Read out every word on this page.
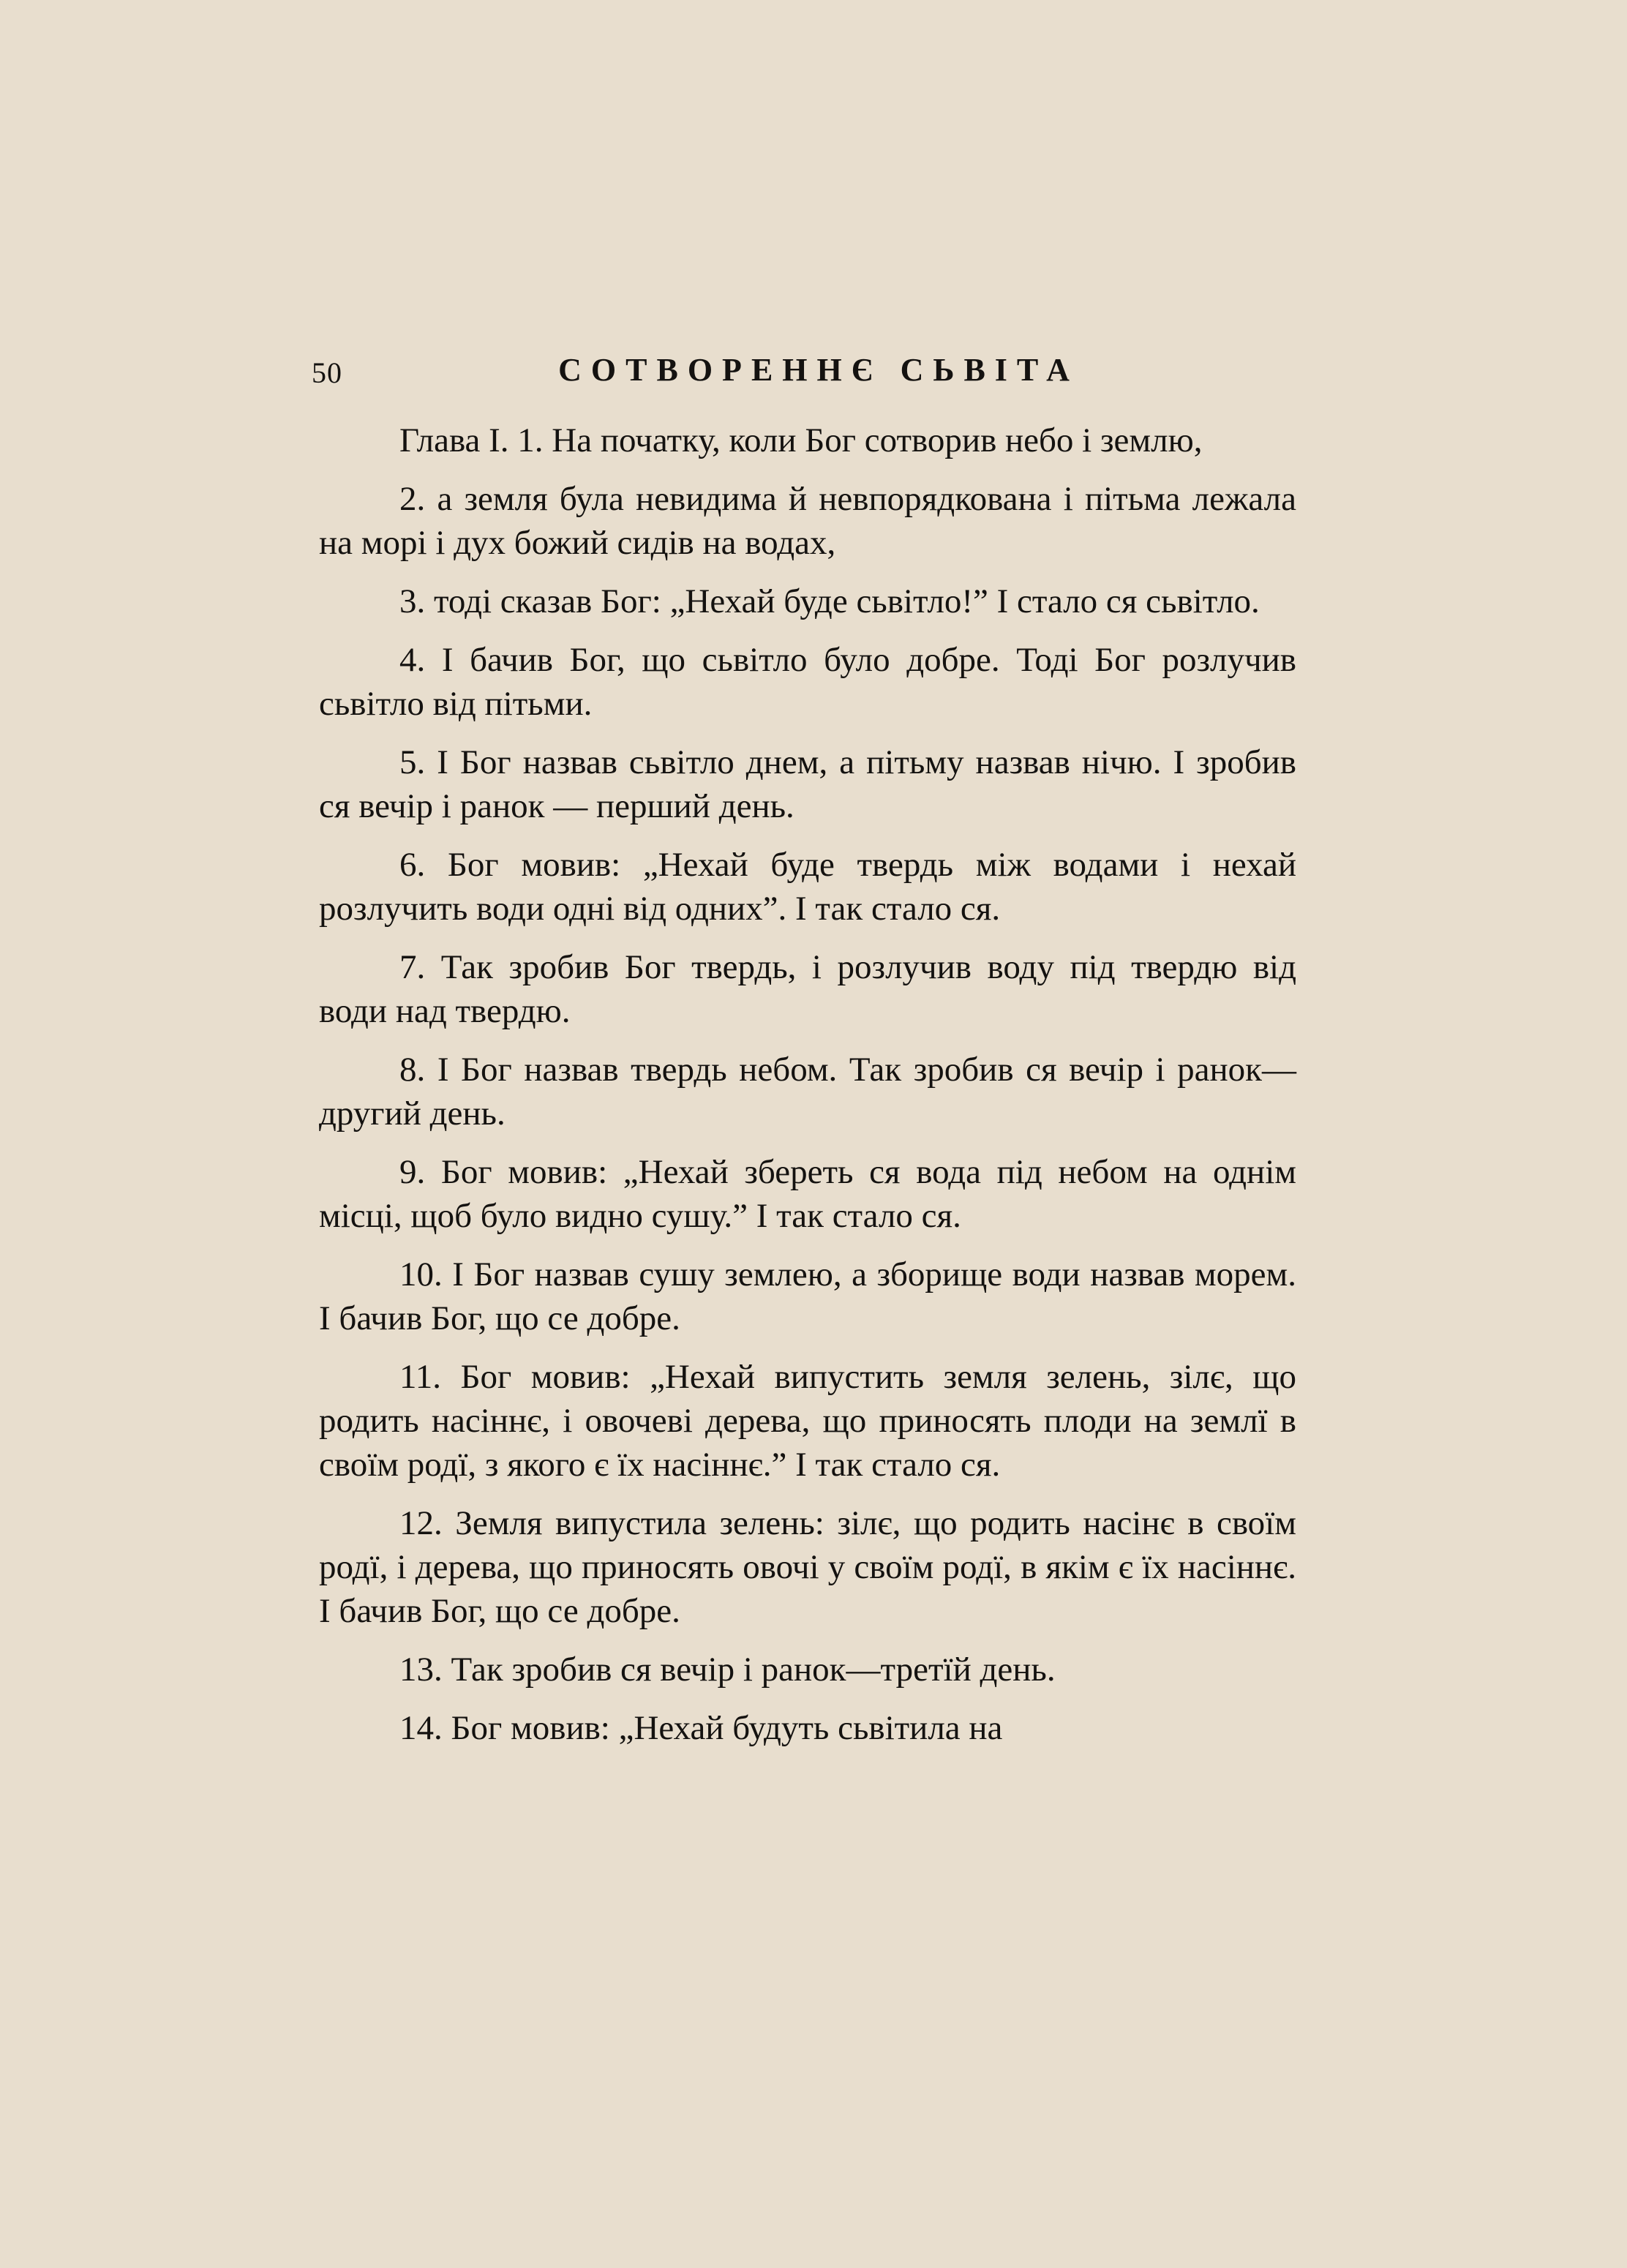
50	СОТВОРЕННЄ СЬВІТА

Глава І. 1. На початку, коли Бог сотворив небо і землю,

2. а земля була невидима й невпорядкована і пітьма лежала на морі і дух божий сидів на водах,

3. тоді сказав Бог: „Нехай буде сьвітло!” І стало ся сьвітло.

4. І бачив Бог, що сьвітло було добре. Тоді Бог розлучив сьвітло від пітьми.

5. І Бог назвав сьвітло днем, а пітьму назвав нічю. І зробив ся вечір і ранок — перший день.

6. Бог мовив: „Нехай буде твердь між водами і нехай розлучить води одні від одних”. І так стало ся.

7. Так зробив Бог твердь, і розлучив воду під твердю від води над твердю.

8. І Бог назвав твердь небом. Так зробив ся вечір і ранок— другий день.

9. Бог мовив: „Нехай збереть ся вода під небом на однім місці, щоб було видно сушу.” І так стало ся.

10. І Бог назвав сушу землею, а зборище води назвав морем. І бачив Бог, що се добре.

11. Бог мовив: „Нехай випустить земля зелень, зілє, що родить насіннє, і овочеві дерева, що приносять плоди на землї в своїм родї, з якого є їх насіннє.” І так стало ся.

12. Земля випустила зелень: зілє, що родить насінє в своїм родї, і дерева, що приносять овочі у своїм родї, в якім є їх насіннє. І бачив Бог, що се добре.

13. Так зробив ся вечір і ранок—третїй день.

14. Бог мовив: „Нехай будуть сьвітила на
